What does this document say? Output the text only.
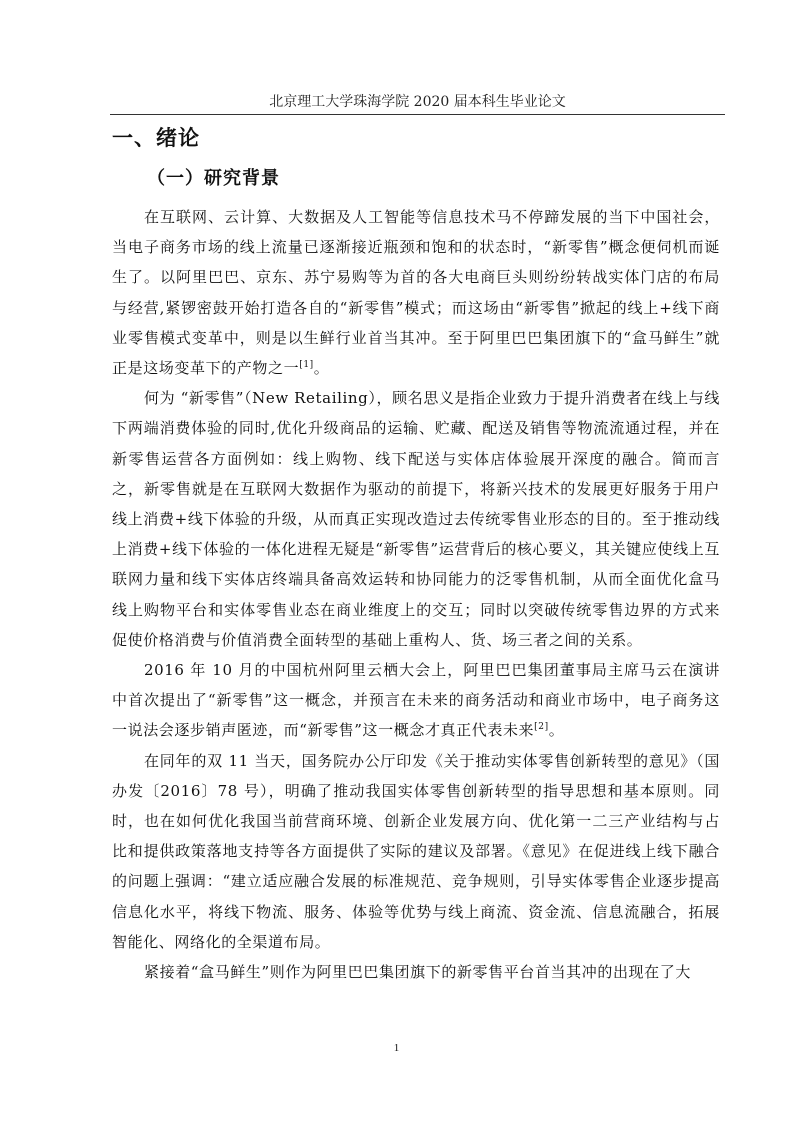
北京理工大学珠海学院 2020 届本科生毕业论文
一、绪论
（一）研究背景

在互联网、云计算、大数据及人工智能等信息技术马不停蹄发展的当下中国社会，当电子商务市场的线上流量已逐渐接近瓶颈和饱和的状态时，“新零售”概念便伺机而诞生了。以阿里巴巴、京东、苏宁易购等为首的各大电商巨头则纷纷转战实体门店的布局与经营,紧锣密鼓开始打造各自的“新零售”模式；而这场由“新零售”掀起的线上+线下商业零售模式变革中，则是以生鲜行业首当其冲。至于阿里巴巴集团旗下的“盒马鲜生”就正是这场变革下的产物之一[1]。

何为 “新零售”（New Retailing），顾名思义是指企业致力于提升消费者在线上与线下两端消费体验的同时,优化升级商品的运输、贮藏、配送及销售等物流流通过程，并在新零售运营各方面例如：线上购物、线下配送与实体店体验展开深度的融合。简而言之，新零售就是在互联网大数据作为驱动的前提下，将新兴技术的发展更好服务于用户线上消费+线下体验的升级，从而真正实现改造过去传统零售业形态的目的。至于推动线上消费+线下体验的一体化进程无疑是“新零售”运营背后的核心要义，其关键应使线上互联网力量和线下实体店终端具备高效运转和协同能力的泛零售机制，从而全面优化盒马线上购物平台和实体零售业态在商业维度上的交互；同时以突破传统零售边界的方式来促使价格消费与价值消费全面转型的基础上重构人、货、场三者之间的关系。

2016 年 10 月的中国杭州阿里云栖大会上，阿里巴巴集团董事局主席马云在演讲中首次提出了“新零售”这一概念，并预言在未来的商务活动和商业市场中，电子商务这一说法会逐步销声匿迹，而“新零售”这一概念才真正代表未来[2]。

在同年的双 11 当天，国务院办公厅印发《关于推动实体零售创新转型的意见》（国办发〔2016〕78 号），明确了推动我国实体零售创新转型的指导思想和基本原则。同时，也在如何优化我国当前营商环境、创新企业发展方向、优化第一二三产业结构与占比和提供政策落地支持等各方面提供了实际的建议及部署。《意见》在促进线上线下融合的问题上强调：“建立适应融合发展的标准规范、竞争规则，引导实体零售企业逐步提高信息化水平，将线下物流、服务、体验等优势与线上商流、资金流、信息流融合，拓展智能化、网络化的全渠道布局。

紧接着“盒马鲜生”则作为阿里巴巴集团旗下的新零售平台首当其冲的出现在了大

1
